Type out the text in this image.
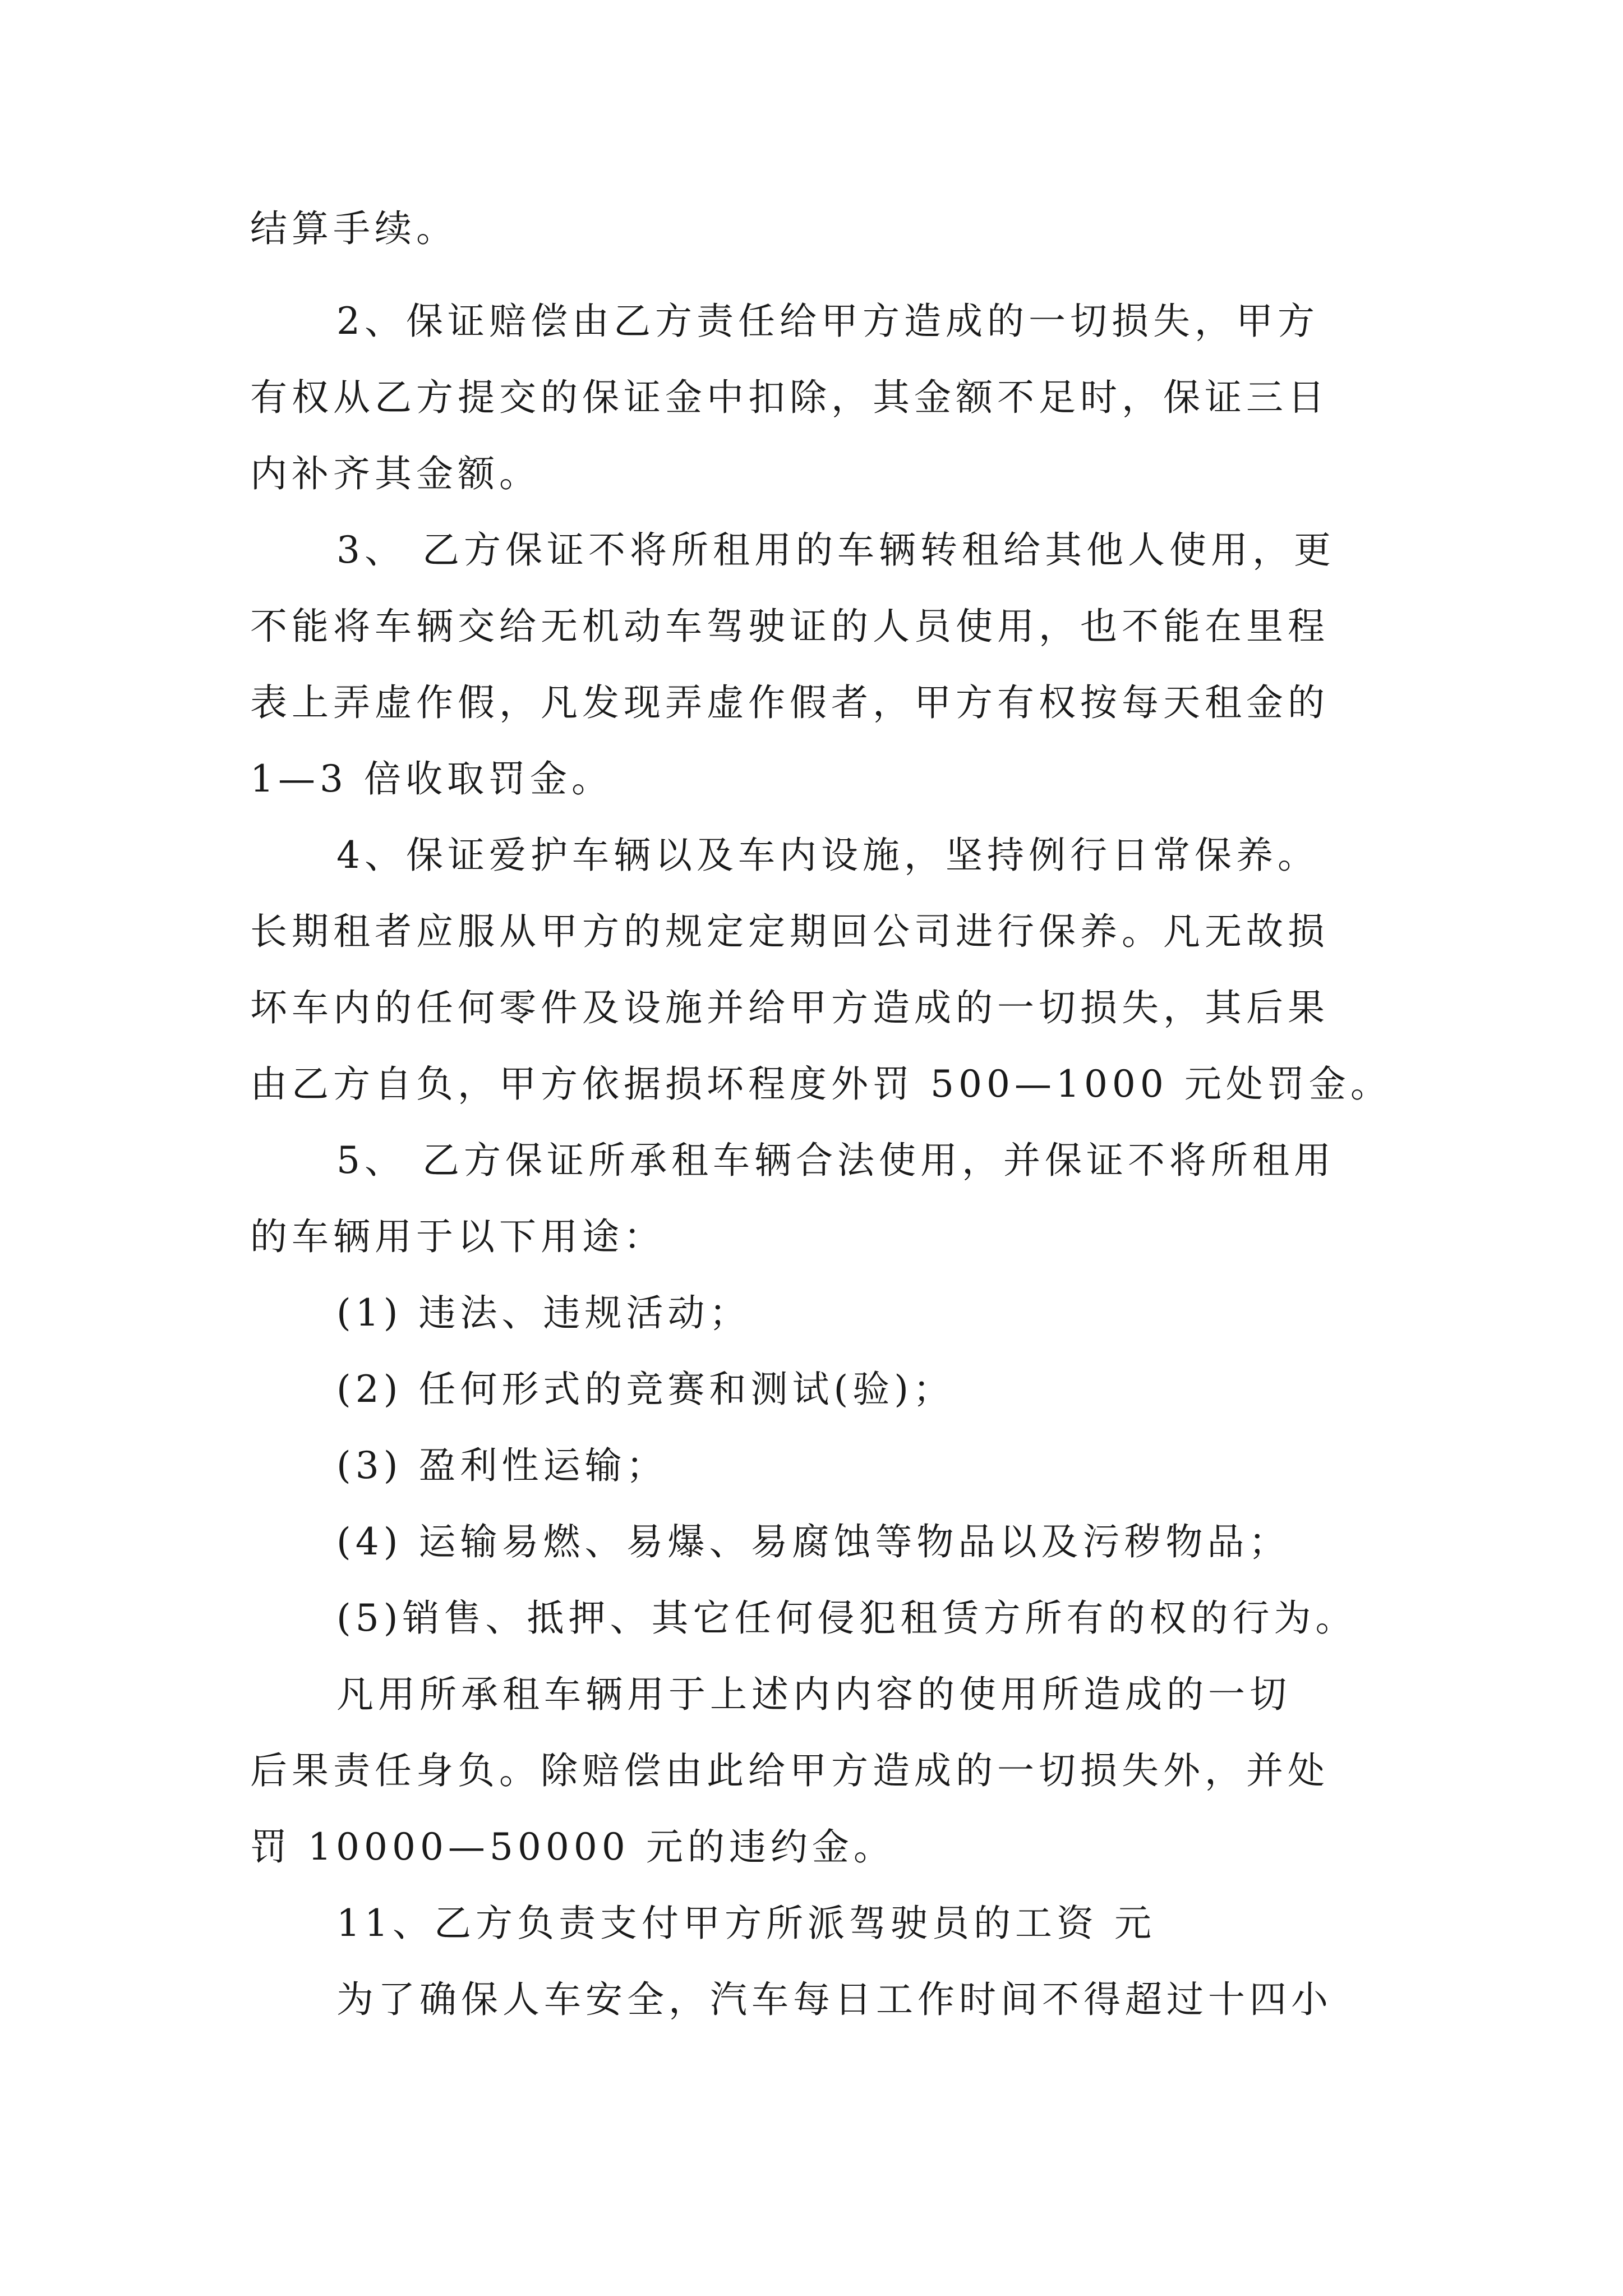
结算手续。
2、保证赔偿由乙方责任给甲方造成的一切损失，甲方
有权从乙方提交的保证金中扣除，其金额不足时，保证三日
内补齐其金额。
3、 乙方保证不将所租用的车辆转租给其他人使用，更
不能将车辆交给无机动车驾驶证的人员使用，也不能在里程
表上弄虚作假，凡发现弄虚作假者，甲方有权按每天租金的
1—3 倍收取罚金。
4、保证爱护车辆以及车内设施，坚持例行日常保养。
长期租者应服从甲方的规定定期回公司进行保养。凡无故损
坏车内的任何零件及设施并给甲方造成的一切损失，其后果
由乙方自负，甲方依据损坏程度外罚 500—1000 元处罚金。
5、 乙方保证所承租车辆合法使用，并保证不将所租用
的车辆用于以下用途：
(1) 违法、违规活动；
(2) 任何形式的竞赛和测试(验)；
(3) 盈利性运输；
(4) 运输易燃、易爆、易腐蚀等物品以及污秽物品；
(5)销售、抵押、其它任何侵犯租赁方所有的权的行为。
凡用所承租车辆用于上述内内容的使用所造成的一切
后果责任身负。除赔偿由此给甲方造成的一切损失外，并处
罚 10000—50000 元的违约金。
11、乙方负责支付甲方所派驾驶员的工资 元
为了确保人车安全，汽车每日工作时间不得超过十四小
